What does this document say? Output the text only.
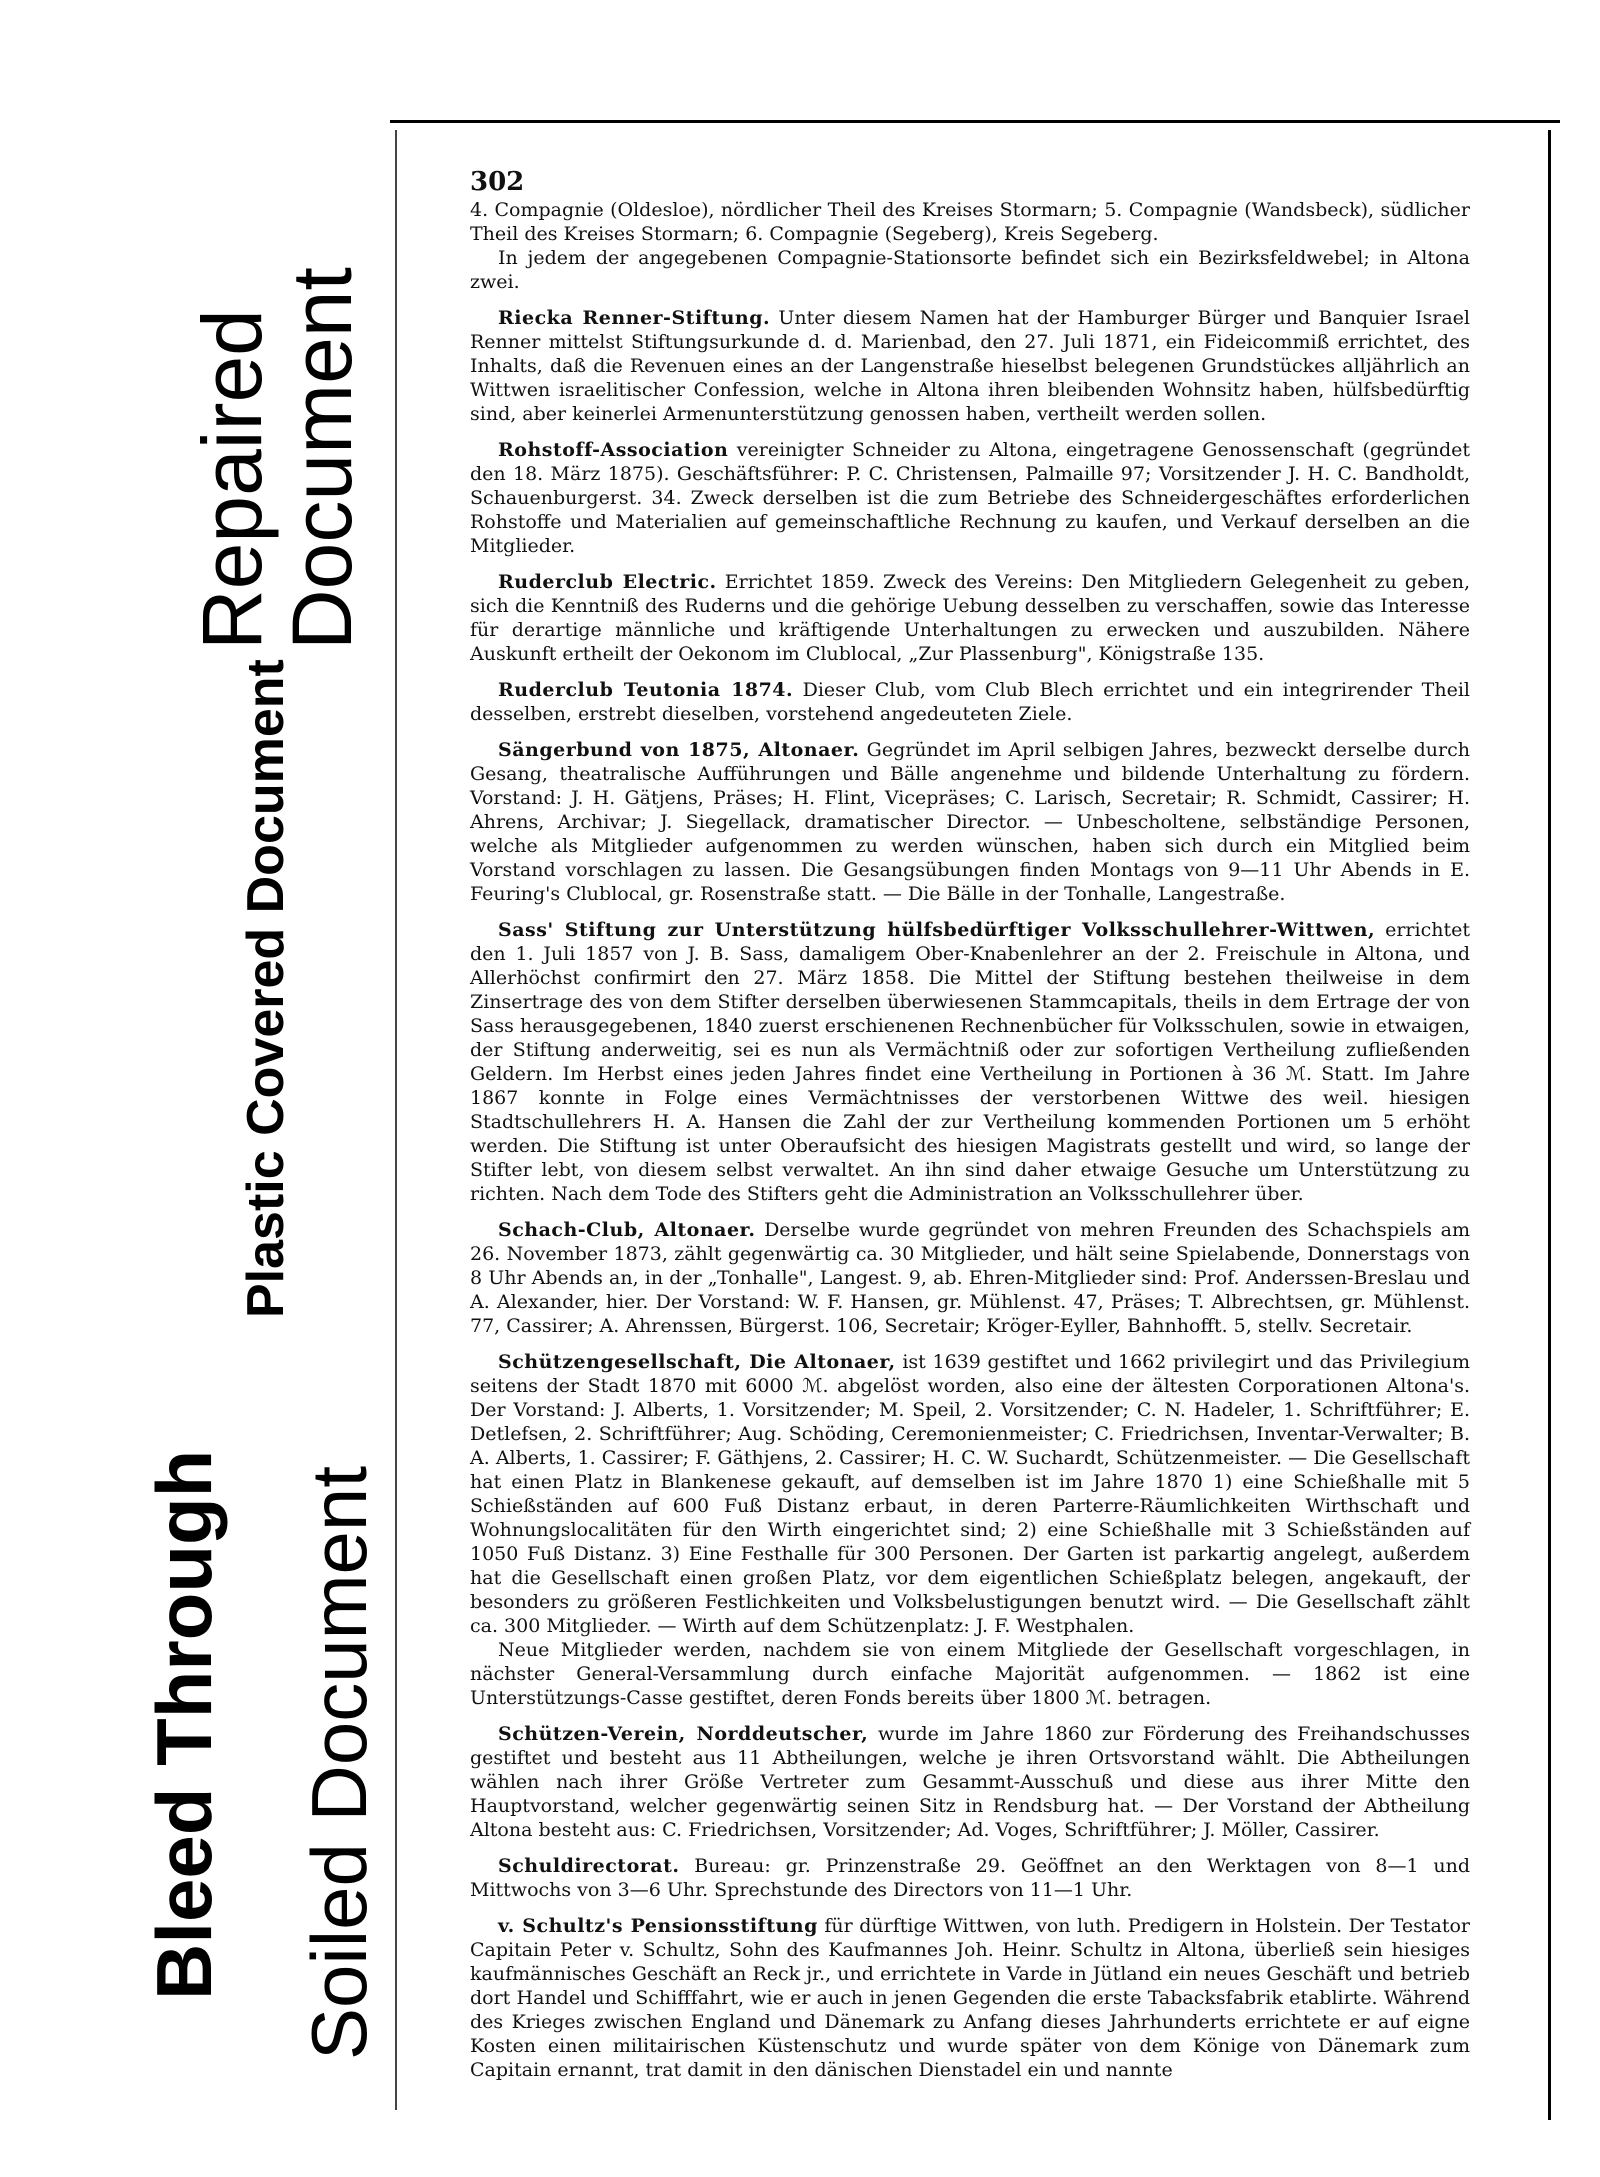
Repaired
Document
Plastic Covered Document
Bleed Through Soiled Document
302

4. Compagnie (Oldesloe), nördlicher Theil des Kreises Stormarn; 5. Compagnie (Wandsbeck), südlicher Theil des Kreises Stormarn; 6. Compagnie (Segeberg), Kreis Segeberg.

In jedem der angegebenen Compagnie-Stationsorte befindet sich ein Bezirksfeldwebel; in Altona zwei.

Riecka Renner-Stiftung. Unter diesem Namen hat der Hamburger Bürger und Banquier Israel Renner mittelst Stiftungsurkunde d. d. Marienbad, den 27. Juli 1871, ein Fideicommiß errichtet, des Inhalts, daß die Revenuen eines an der Langenstraße hieselbst belegenen Grundstückes alljährlich an Wittwen israelitischer Confession, welche in Altona ihren bleibenden Wohnsitz haben, hülfsbedürftig sind, aber keinerlei Armenunterstützung genossen haben, vertheilt werden sollen.

Rohstoff-Association vereinigter Schneider zu Altona, eingetragene Genossenschaft (gegründet den 18. März 1875). Geschäftsführer: P. C. Christensen, Palmaille 97; Vorsitzender J. H. C. Bandholdt, Schauenburgerst. 34. Zweck derselben ist die zum Betriebe des Schneidergeschäftes erforderlichen Rohstoffe und Materialien auf gemeinschaftliche Rechnung zu kaufen, und Verkauf derselben an die Mitglieder.

Ruderclub Electric. Errichtet 1859. Zweck des Vereins: Den Mitgliedern Gelegenheit zu geben, sich die Kenntniß des Ruderns und die gehörige Uebung desselben zu verschaffen, sowie das Interesse für derartige männliche und kräftigende Unterhaltungen zu erwecken und auszubilden. Nähere Auskunft ertheilt der Oekonom im Clublocal, „Zur Plassenburg", Königstraße 135.

Ruderclub Teutonia 1874. Dieser Club, vom Club Blech errichtet und ein integrirender Theil desselben, erstrebt dieselben, vorstehend angedeuteten Ziele.

Sängerbund von 1875, Altonaer. Gegründet im April selbigen Jahres, bezweckt derselbe durch Gesang, theatralische Aufführungen und Bälle angenehme und bildende Unterhaltung zu fördern. Vorstand: J. H. Gätjens, Präses; H. Flint, Vicepräses; C. Larisch, Secretair; R. Schmidt, Cassirer; H. Ahrens, Archivar; J. Siegellack, dramatischer Director. — Unbescholtene, selbständige Personen, welche als Mitglieder aufgenommen zu werden wünschen, haben sich durch ein Mitglied beim Vorstand vorschlagen zu lassen. Die Gesangsübungen finden Montags von 9—11 Uhr Abends in E. Feuring's Clublocal, gr. Rosenstraße statt. — Die Bälle in der Tonhalle, Langestraße.

Sass' Stiftung zur Unterstützung hülfsbedürftiger Volksschullehrer-Wittwen, errichtet den 1. Juli 1857 von J. B. Sass, damaligem Ober-Knabenlehrer an der 2. Freischule in Altona, und Allerhöchst confirmirt den 27. März 1858. Die Mittel der Stiftung bestehen theilweise in dem Zinsertrage des von dem Stifter derselben überwiesenen Stammcapitals, theils in dem Ertrage der von Sass herausgegebenen, 1840 zuerst erschienenen Rechnenbücher für Volksschulen, sowie in etwaigen, der Stiftung anderweitig, sei es nun als Vermächtniß oder zur sofortigen Vertheilung zufließenden Geldern. Im Herbst eines jeden Jahres findet eine Vertheilung in Portionen à 36 ℳ. Statt. Im Jahre 1867 konnte in Folge eines Vermächtnisses der verstorbenen Wittwe des weil. hiesigen Stadtschullehrers H. A. Hansen die Zahl der zur Vertheilung kommenden Portionen um 5 erhöht werden. Die Stiftung ist unter Oberaufsicht des hiesigen Magistrats gestellt und wird, so lange der Stifter lebt, von diesem selbst verwaltet. An ihn sind daher etwaige Gesuche um Unterstützung zu richten. Nach dem Tode des Stifters geht die Administration an Volksschullehrer über.

Schach-Club, Altonaer. Derselbe wurde gegründet von mehren Freunden des Schachspiels am 26. November 1873, zählt gegenwärtig ca. 30 Mitglieder, und hält seine Spielabende, Donnerstags von 8 Uhr Abends an, in der „Tonhalle", Langest. 9, ab. Ehren-Mitglieder sind: Prof. Anderssen-Breslau und A. Alexander, hier. Der Vorstand: W. F. Hansen, gr. Mühlenst. 47, Präses; T. Albrechtsen, gr. Mühlenst. 77, Cassirer; A. Ahrenssen, Bürgerst. 106, Secretair; Kröger-Eyller, Bahnhofft. 5, stellv. Secretair.

Schützengesellschaft, Die Altonaer, ist 1639 gestiftet und 1662 privilegirt und das Privilegium seitens der Stadt 1870 mit 6000 ℳ. abgelöst worden, also eine der ältesten Corporationen Altona's. Der Vorstand: J. Alberts, 1. Vorsitzender; M. Speil, 2. Vorsitzender; C. N. Hadeler, 1. Schriftführer; E. Detlefsen, 2. Schriftführer; Aug. Schöding, Ceremonienmeister; C. Friedrichsen, Inventar-Verwalter; B. A. Alberts, 1. Cassirer; F. Gäthjens, 2. Cassirer; H. C. W. Suchardt, Schützenmeister. — Die Gesellschaft hat einen Platz in Blankenese gekauft, auf demselben ist im Jahre 1870 1) eine Schießhalle mit 5 Schießständen auf 600 Fuß Distanz erbaut, in deren Parterre-Räumlichkeiten Wirthschaft und Wohnungslocalitäten für den Wirth eingerichtet sind; 2) eine Schießhalle mit 3 Schießständen auf 1050 Fuß Distanz. 3) Eine Festhalle für 300 Personen. Der Garten ist parkartig angelegt, außerdem hat die Gesellschaft einen großen Platz, vor dem eigentlichen Schießplatz belegen, angekauft, der besonders zu größeren Festlichkeiten und Volksbelustigungen benutzt wird. — Die Gesellschaft zählt ca. 300 Mitglieder. — Wirth auf dem Schützenplatz: J. F. Westphalen.

Neue Mitglieder werden, nachdem sie von einem Mitgliede der Gesellschaft vorgeschlagen, in nächster General-Versammlung durch einfache Majorität aufgenommen. — 1862 ist eine Unterstützungs-Casse gestiftet, deren Fonds bereits über 1800 ℳ. betragen.

Schützen-Verein, Norddeutscher, wurde im Jahre 1860 zur Förderung des Freihandschusses gestiftet und besteht aus 11 Abtheilungen, welche je ihren Ortsvorstand wählt. Die Abtheilungen wählen nach ihrer Größe Vertreter zum Gesammt-Ausschuß und diese aus ihrer Mitte den Hauptvorstand, welcher gegenwärtig seinen Sitz in Rendsburg hat. — Der Vorstand der Abtheilung Altona besteht aus: C. Friedrichsen, Vorsitzender; Ad. Voges, Schriftführer; J. Möller, Cassirer.

Schuldirectorat. Bureau: gr. Prinzenstraße 29. Geöffnet an den Werktagen von 8—1 und Mittwochs von 3—6 Uhr. Sprechstunde des Directors von 11—1 Uhr.

v. Schultz's Pensionsstiftung für dürftige Wittwen, von luth. Predigern in Holstein. Der Testator Capitain Peter v. Schultz, Sohn des Kaufmannes Joh. Heinr. Schultz in Altona, überließ sein hiesiges kaufmännisches Geschäft an Reck jr., und errichtete in Varde in Jütland ein neues Geschäft und betrieb dort Handel und Schifffahrt, wie er auch in jenen Gegenden die erste Tabacksfabrik etablirte. Während des Krieges zwischen England und Dänemark zu Anfang dieses Jahrhunderts errichtete er auf eigne Kosten einen militairischen Küstenschutz und wurde später von dem Könige von Dänemark zum Capitain ernannt, trat damit in den dänischen Dienstadel ein und nannte
